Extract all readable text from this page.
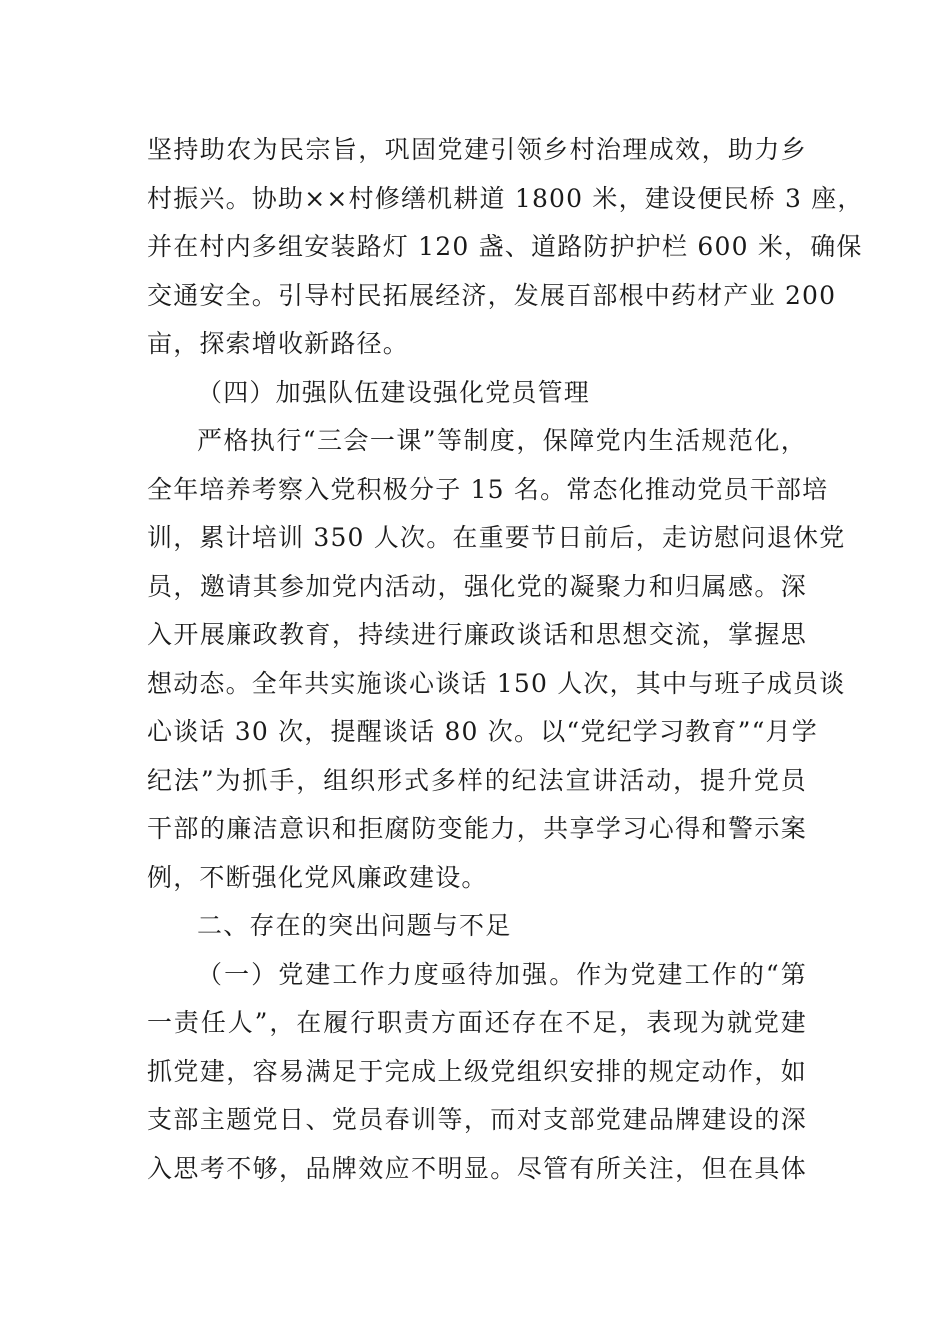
坚持助农为民宗旨，巩固党建引领乡村治理成效，助力乡
村振兴。协助××村修缮机耕道 1800 米，建设便民桥 3 座，
并在村内多组安装路灯 120 盏、道路防护护栏 600 米，确保
交通安全。引导村民拓展经济，发展百部根中药材产业 200
亩，探索增收新路径。
（四）加强队伍建设强化党员管理
严格执行“三会一课”等制度，保障党内生活规范化，
全年培养考察入党积极分子 15 名。常态化推动党员干部培
训，累计培训 350 人次。在重要节日前后，走访慰问退休党
员，邀请其参加党内活动，强化党的凝聚力和归属感。深
入开展廉政教育，持续进行廉政谈话和思想交流，掌握思
想动态。全年共实施谈心谈话 150 人次，其中与班子成员谈
心谈话 30 次，提醒谈话 80 次。以“党纪学习教育”“月学
纪法”为抓手，组织形式多样的纪法宣讲活动，提升党员
干部的廉洁意识和拒腐防变能力，共享学习心得和警示案
例，不断强化党风廉政建设。
二、存在的突出问题与不足
（一）党建工作力度亟待加强。作为党建工作的“第
一责任人”，在履行职责方面还存在不足，表现为就党建
抓党建，容易满足于完成上级党组织安排的规定动作，如
支部主题党日、党员春训等，而对支部党建品牌建设的深
入思考不够，品牌效应不明显。尽管有所关注，但在具体
